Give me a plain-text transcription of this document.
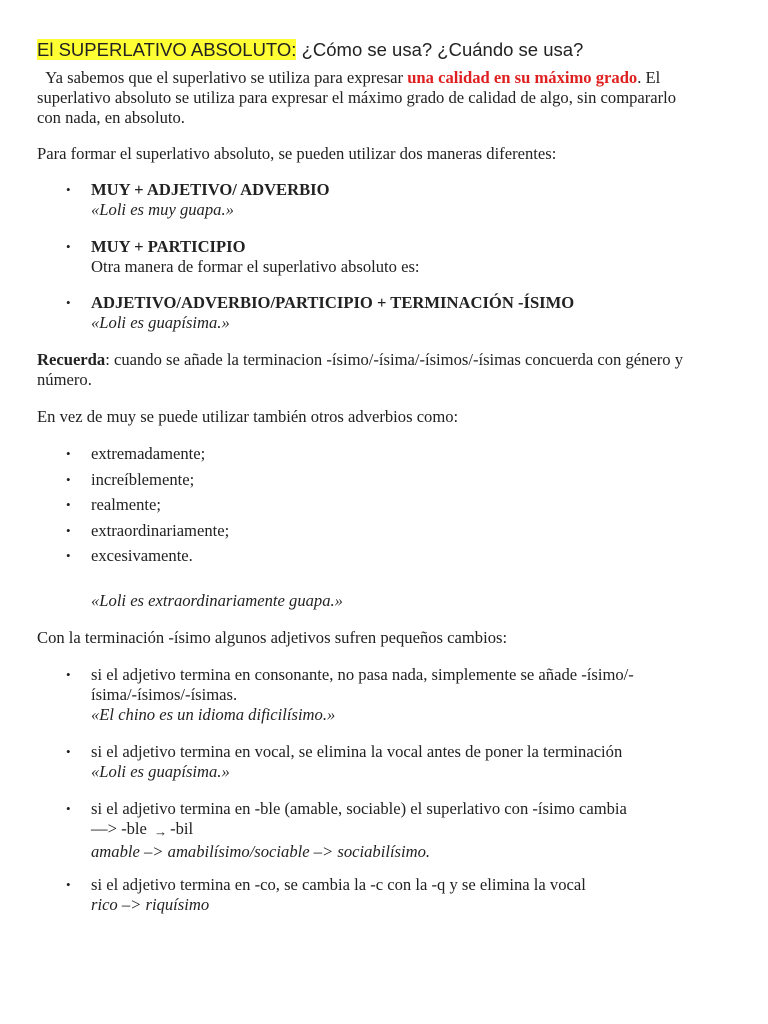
El SUPERLATIVO ABSOLUTO: ¿Cómo se usa? ¿Cuándo se usa?

Ya sabemos que el superlativo se utiliza para expresar una calidad en su máximo grado. El superlativo absoluto se utiliza para expresar el máximo grado de calidad de algo, sin compararlo con nada, en absoluto.

Para formar el superlativo absoluto, se pueden utilizar dos maneras diferentes:

• MUY + ADJETIVO/ ADVERBIO
«Loli es muy guapa.»
• MUY + PARTICIPIO
Otra manera de formar el superlativo absoluto es:
• ADJETIVO/ADVERBIO/PARTICIPIO + TERMINACIÓN -ÍSIMO
«Loli es guapísima.»

Recuerda: cuando se añade la terminacion -ísimo/-ísima/-ísimos/-ísimas concuerda con género y número.

En vez de muy se puede utilizar también otros adverbios como:

• extremadamente;
• increíblemente;
• realmente;
• extraordinariamente;
• excesivamente.
«Loli es extraordinariamente guapa.»

Con la terminación -ísimo algunos adjetivos sufren pequeños cambios:

• si el adjetivo termina en consonante, no pasa nada, simplemente se añade -ísimo/-ísima/-ísimos/-ísimas.
«El chino es un idioma dificilísimo.»
• si el adjetivo termina en vocal, se elimina la vocal antes de poner la terminación
«Loli es guapísima.»
• si el adjetivo termina en -ble (amable, sociable) el superlativo con -ísimo cambia
—> -ble → -bil
amable –> amabilísimo/sociable –> sociabilísimo.
• si el adjetivo termina en -co, se cambia la -c con la -q y se elimina la vocal
rico –> riquísimo
